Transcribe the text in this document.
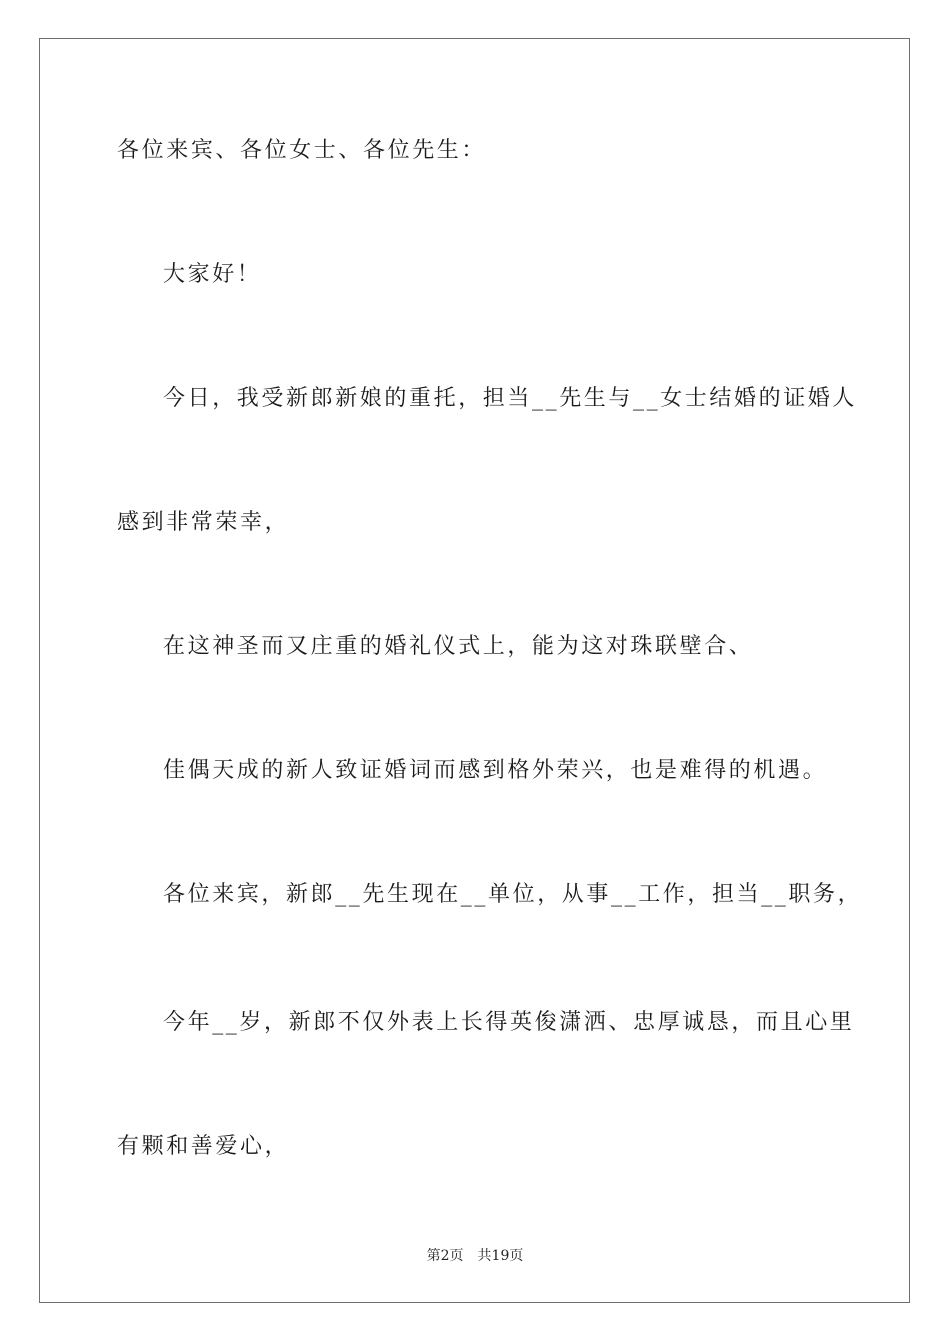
各位来宾、各位女士、各位先生：

大家好！

今日，我受新郎新娘的重托，担当__先生与__女士结婚的证婚人

感到非常荣幸，

在这神圣而又庄重的婚礼仪式上，能为这对珠联壁合、

佳偶天成的新人致证婚词而感到格外荣兴，也是难得的机遇。

各位来宾，新郎__先生现在__单位，从事__工作，担当__职务，

今年__岁，新郎不仅外表上长得英俊潇洒、忠厚诚恳，而且心里

有颗和善爱心，

第2页 共19页
